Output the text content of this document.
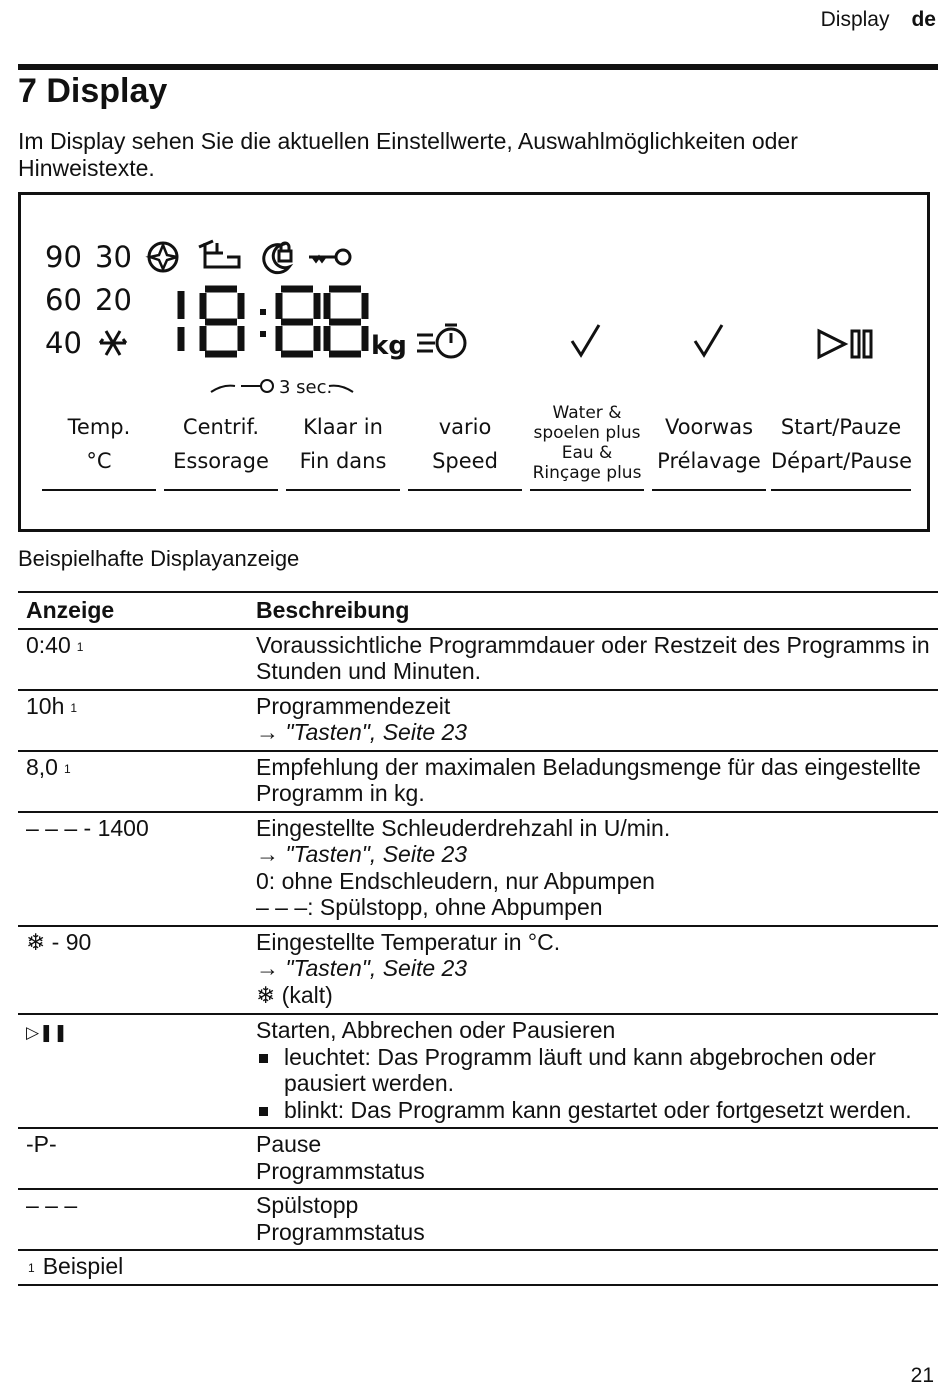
Display de
7 Display

Im Display sehen Sie die aktuellen Einstellwerte, Auswahlmöglichkeiten oder Hinweistexte.

90 30
60 20
40	kg
3 sec.
Temp.
°C
Centrif.
Essorage
Klaar in
Fin dans
vario
Speed
Water &
spoelen plus
Eau &
Rinçage plus
Voorwas
Prélavage
Start/Pauze
Départ/Pause
Beispielhafte Displayanzeige
Anzeige	Beschreibung
0:40 $^1$	Voraussichtliche Programmdauer oder Restzeit des Programms in Stunden und Minuten.
10h $^1$	Programmendezeit
→ "Tasten", Seite 23

8,0 $^1$	Empfehlung der maximalen Beladungsmenge für das eingestellte Programm in kg.
– – – - 1400	Eingestellte Schleuderdrehzahl in U/min.
→ "Tasten", Seite 23
0: ohne Endschleudern, nur Abpumpen
– – –: Spülstopp, ohne Abpumpen

❄ - 90	Eingestellte Temperatur in °C.
→ "Tasten", Seite 23
❄ (kalt)

▷❚❚	Starten, Abbrechen oder Pausieren
leuchtet: Das Programm läuft und kann abgebrochen oder pausiert werden.
blinkt: Das Programm kann gestartet oder fortgesetzt werden.

-P-	Pause
Programmstatus

– – –	Spülstopp
Programmstatus

$^1$ Beispiel	
21
